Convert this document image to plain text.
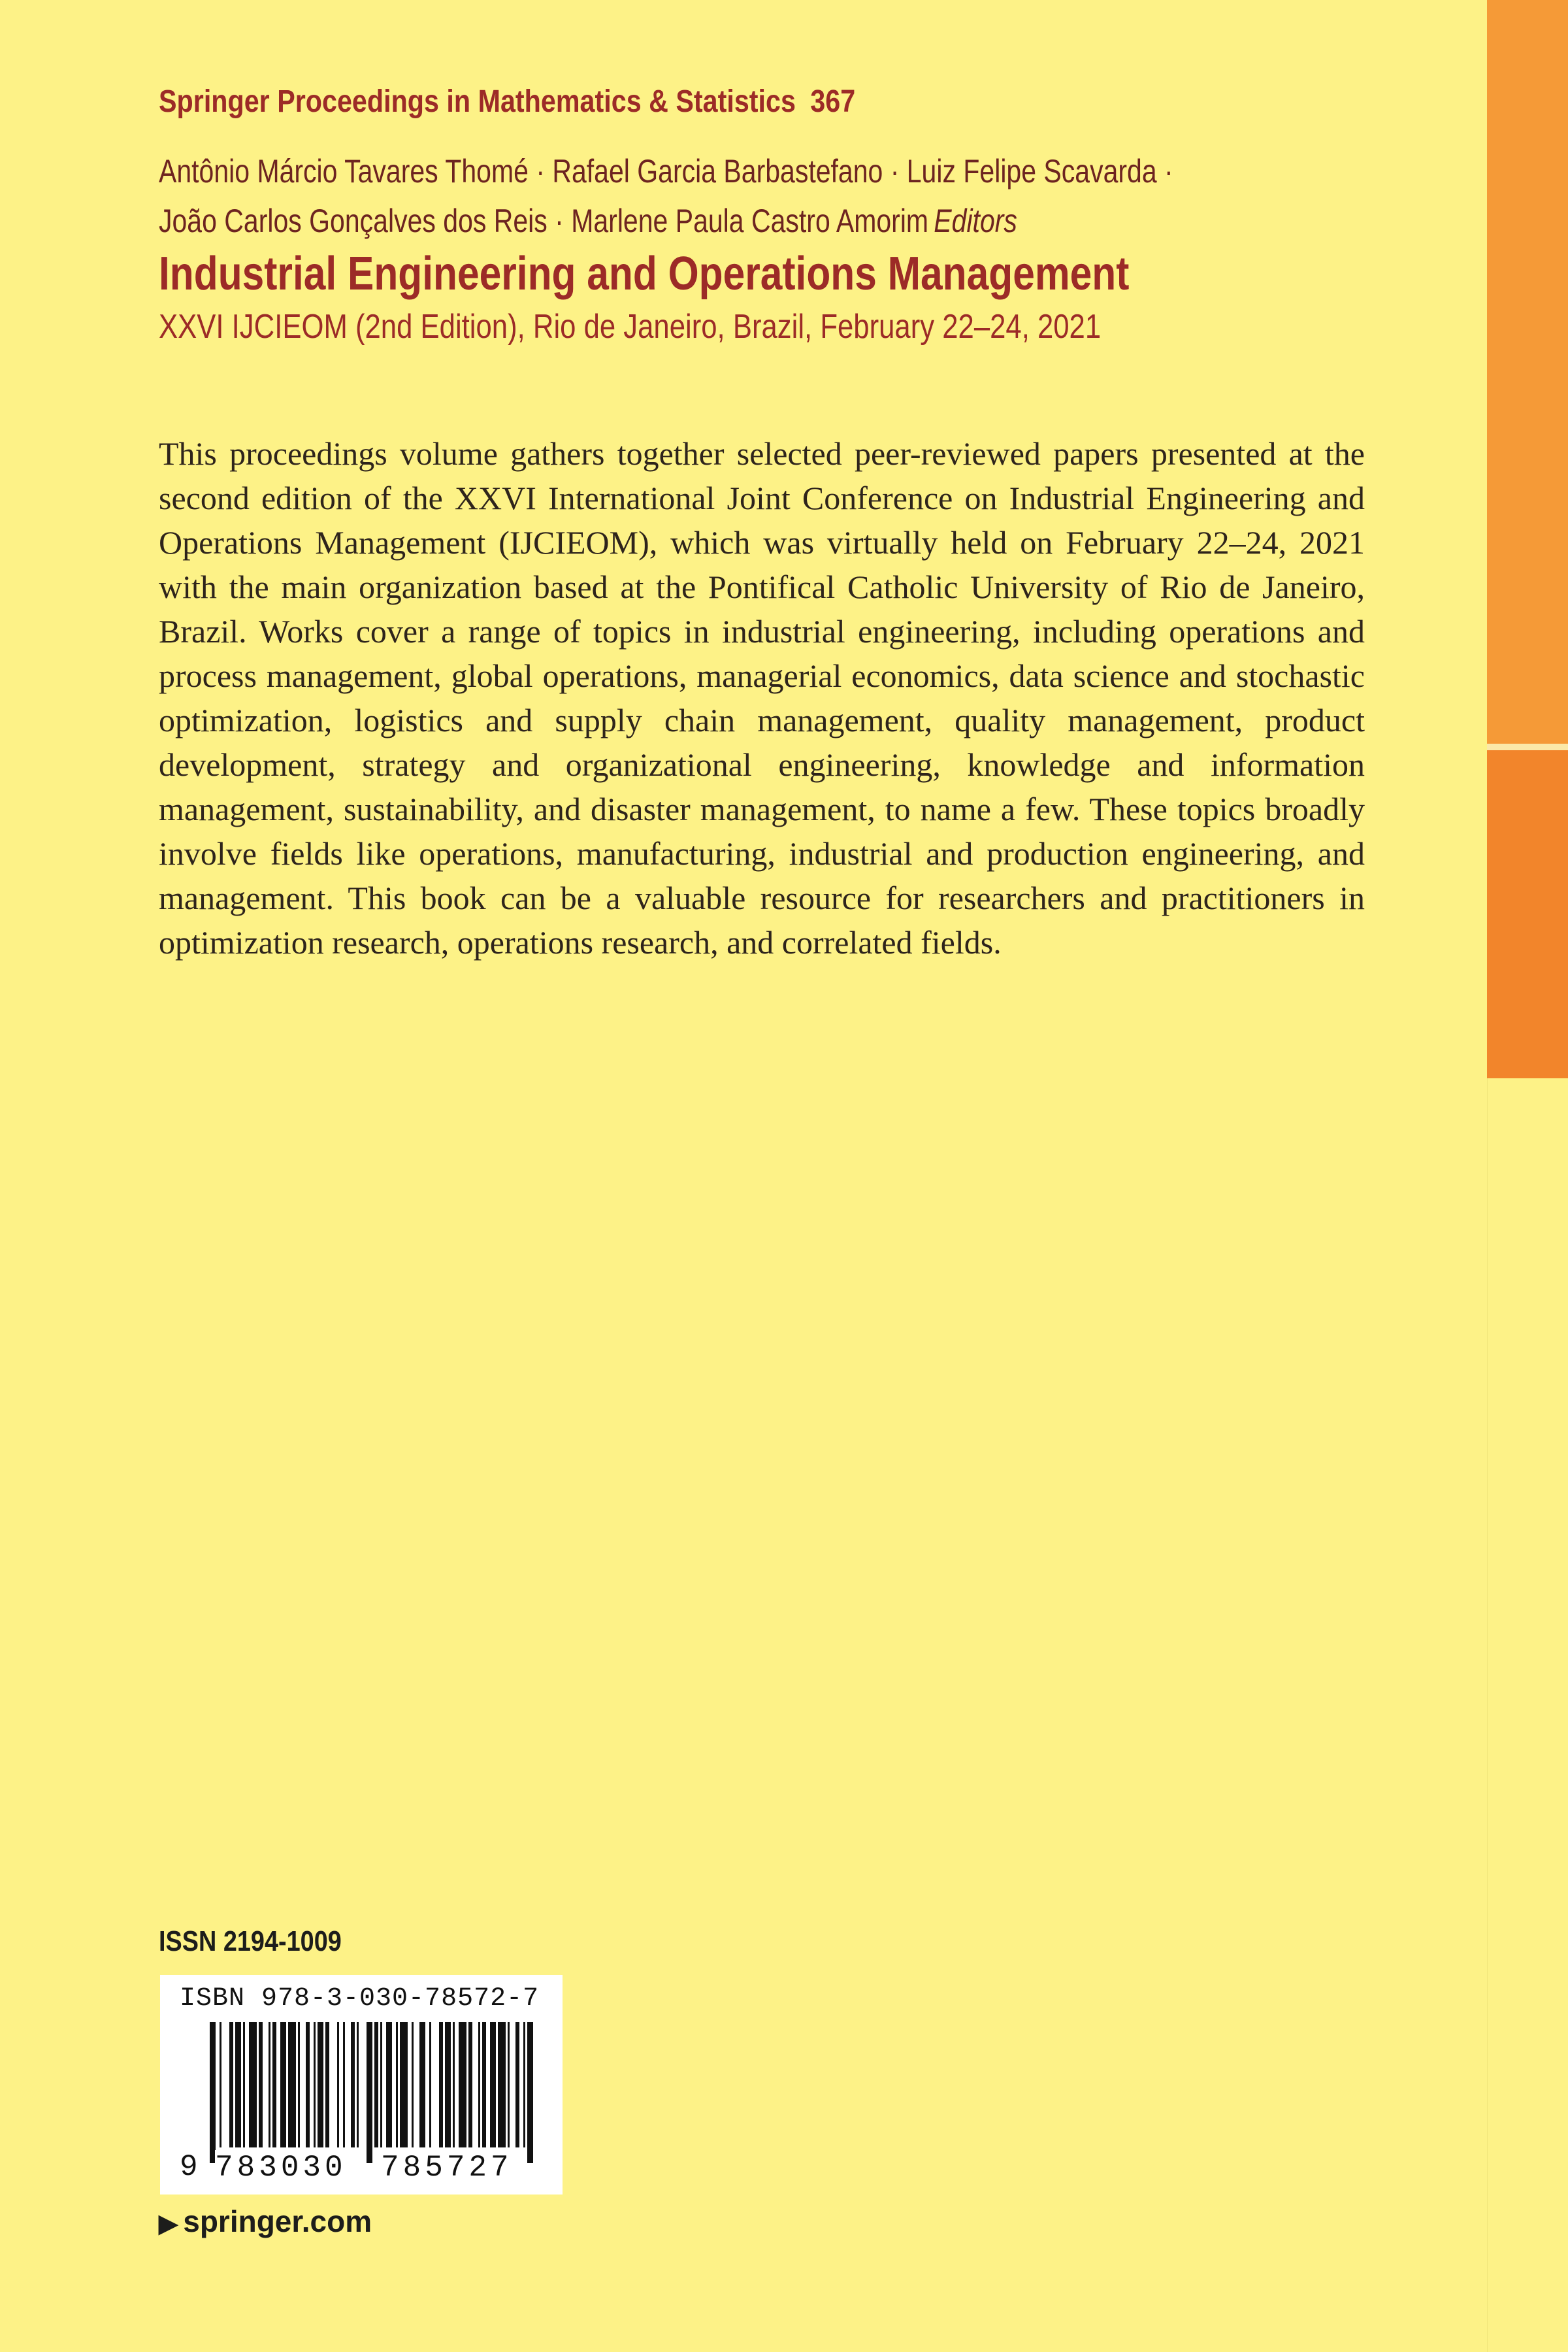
Springer Proceedings in Mathematics & Statistics 367
Antônio Márcio Tavares Thomé · Rafael Garcia Barbastefano · Luiz Felipe Scavarda ·
João Carlos Gonçalves dos Reis · Marlene Paula Castro Amorim Editors
Industrial Engineering and Operations Management
XXVI IJCIEOM (2nd Edition), Rio de Janeiro, Brazil, February 22–24, 2021

This proceedings volume gathers together selected peer-reviewed papers presented at the second edition of the XXVI International Joint Conference on Industrial Engineering and Operations Management (IJCIEOM), which was virtually held on February 22–24, 2021 with the main organization based at the Pontifical Catholic University of Rio de Janeiro, Brazil. Works cover a range of topics in industrial engineering, including operations and process management, global operations, managerial economics, data science and stochastic optimization, logistics and supply chain management, quality management, product development, strategy and organizational engineering, knowledge and information management, sustainability, and disaster management, to name a few. These topics broadly involve fields like operations, manufacturing, industrial and production engineering, and management. This book can be a valuable resource for researchers and practitioners in optimization research, operations research, and correlated fields.

ISSN 2194-1009
ISBN 978-3-030-78572-7
9 783030 785727
▶ springer.com
